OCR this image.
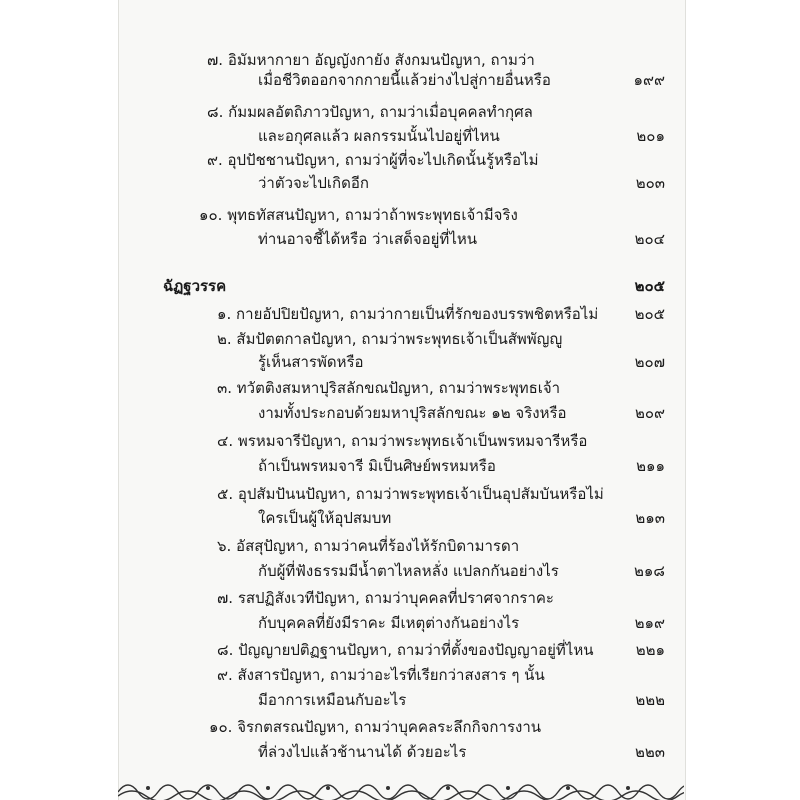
๗. อิมัมหากายา อัญญังกายัง สังกมนปัญหา, ถามว่า
เมื่อชีวิตออกจากกายนี้แล้วย่างไปสู่กายอื่นหรือ	๑๙๙
๘. กัมมผลอัตถิภาวปัญหา, ถามว่าเมื่อบุคคลทำกุศล
และอกุศลแล้ว ผลกรรมนั้นไปอยู่ที่ไหน	๒๐๑
๙. อุปปัชชานปัญหา, ถามว่าผู้ที่จะไปเกิดนั้นรู้หรือไม่
ว่าตัวจะไปเกิดอีก	๒๐๓
๑๐. พุทธทัสสนปัญหา, ถามว่าถ้าพระพุทธเจ้ามีจริง
ท่านอาจชี้ได้หรือ ว่าเสด็จอยู่ที่ไหน	๒๐๔
ฉัฏฐวรรค	๒๐๕
๑. กายอัปปิยปัญหา, ถามว่ากายเป็นที่รักของบรรพชิตหรือไม่ ๒๐๕
๒. สัมปัตตกาลปัญหา, ถามว่าพระพุทธเจ้าเป็นสัพพัญญู
รู้เห็นสารพัดหรือ	๒๐๗
๓. ทวัตติงสมหาปุริสลักขณปัญหา, ถามว่าพระพุทธเจ้า
งามทั้งประกอบด้วยมหาปุริสลักขณะ ๑๒ จริงหรือ	๒๐๙
๔. พรหมจารีปัญหา, ถามว่าพระพุทธเจ้าเป็นพรหมจารีหรือ
ถ้าเป็นพรหมจารี มิเป็นศิษย์พรหมหรือ	๒๑๑
๕. อุปสัมปันนปัญหา, ถามว่าพระพุทธเจ้าเป็นอุปสัมบันหรือไม่
ใครเป็นผู้ให้อุปสมบท	๒๑๓
๖. อัสสุปัญหา, ถามว่าคนที่ร้องไห้รักบิดามารดา
กับผู้ที่ฟังธรรมมีน้ำตาไหลหลั่ง แปลกกันอย่างไร	๒๑๘
๗. รสปฏิสังเวทีปัญหา, ถามว่าบุคคลที่ปราศจากราคะ
กับบุคคลที่ยังมีราคะ มีเหตุต่างกันอย่างไร	๒๑๙
๘. ปัญญายปติฏฐานปัญหา, ถามว่าที่ตั้งของปัญญาอยู่ที่ไหน	๒๒๑
๙. สังสารปัญหา, ถามว่าอะไรที่เรียกว่าสงสาร ๆ นั้น
มีอาการเหมือนกับอะไร	๒๒๒
๑๐. จิรกตสรณปัญหา, ถามว่าบุคคลระลึกกิจการงาน
ที่ล่วงไปแล้วช้านานได้ ด้วยอะไร	๒๒๓
